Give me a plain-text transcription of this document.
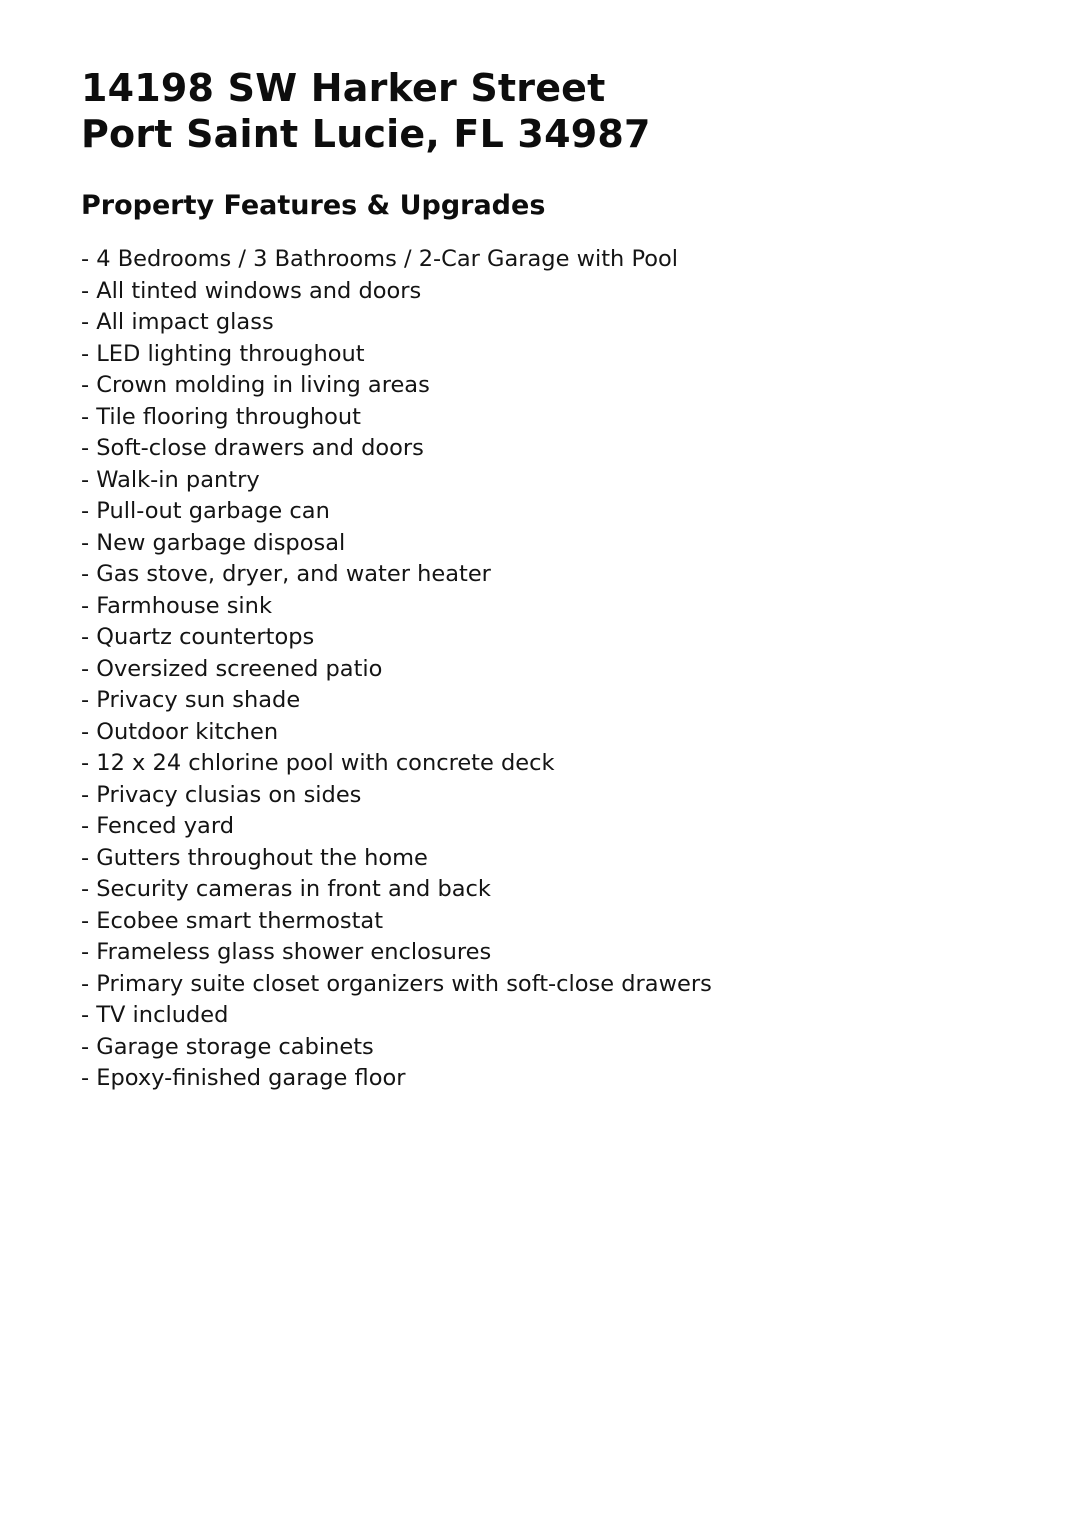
14198 SW Harker Street
Port Saint Lucie, FL 34987
Property Features & Upgrades
- 4 Bedrooms / 3 Bathrooms / 2-Car Garage with Pool
- All tinted windows and doors
- All impact glass
- LED lighting throughout
- Crown molding in living areas
- Tile flooring throughout
- Soft-close drawers and doors
- Walk-in pantry
- Pull-out garbage can
- New garbage disposal
- Gas stove, dryer, and water heater
- Farmhouse sink
- Quartz countertops
- Oversized screened patio
- Privacy sun shade
- Outdoor kitchen
- 12 x 24 chlorine pool with concrete deck
- Privacy clusias on sides
- Fenced yard
- Gutters throughout the home
- Security cameras in front and back
- Ecobee smart thermostat
- Frameless glass shower enclosures
- Primary suite closet organizers with soft-close drawers
- TV included
- Garage storage cabinets
- Epoxy-finished garage floor
